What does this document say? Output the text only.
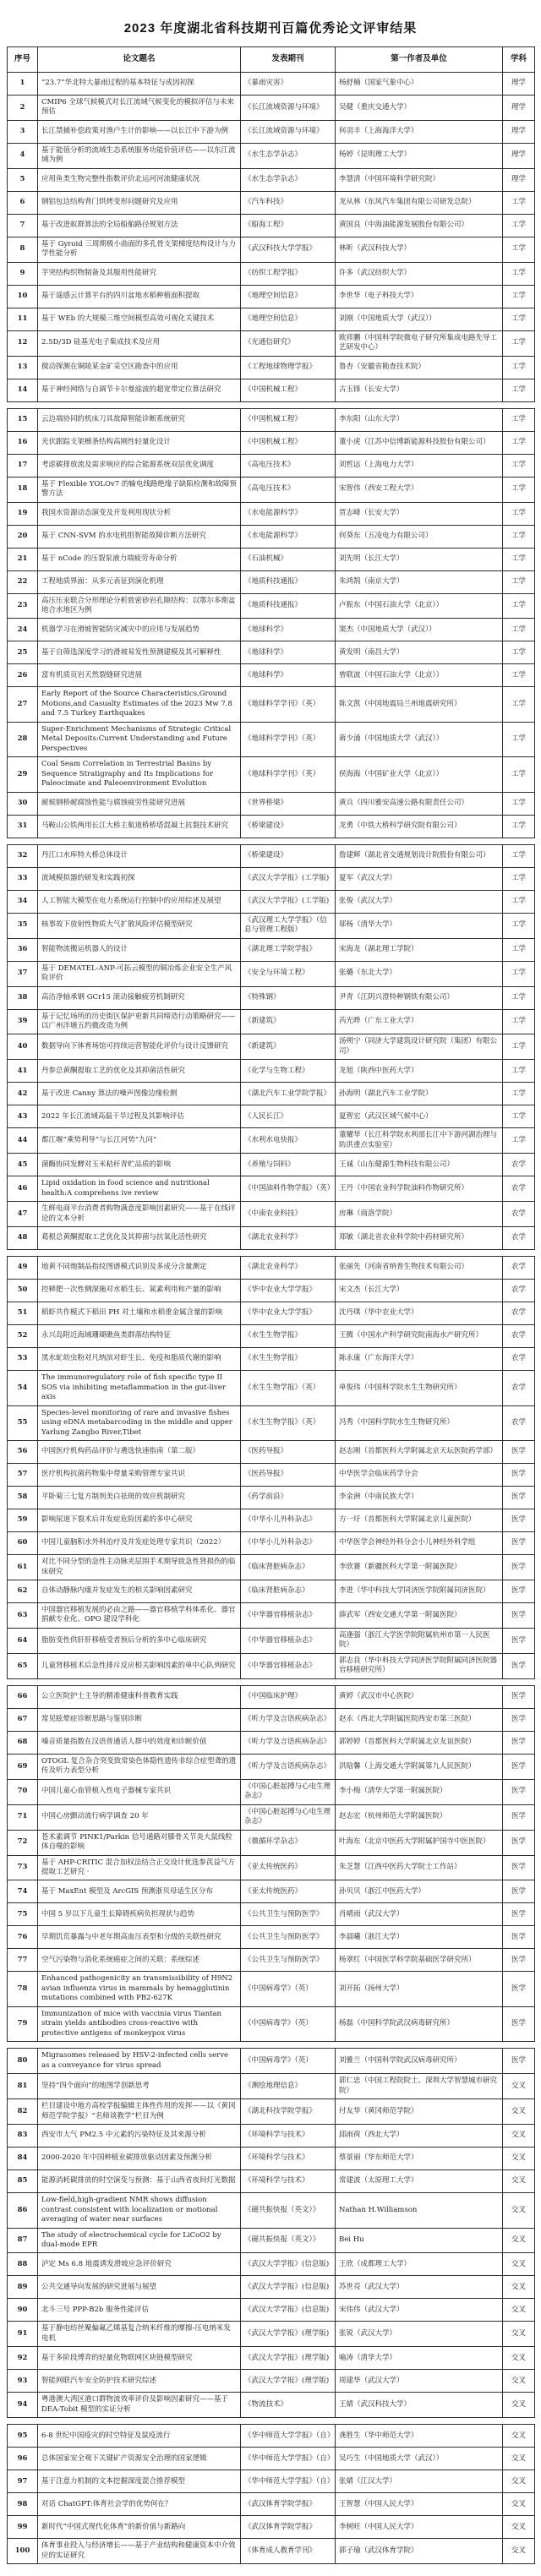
2023 年度湖北省科技期刊百篇优秀论文评审结果
序号	论文题名	发表期刊	第一作者及单位	学科
1	“23.7”华北特大暴雨过程的基本特征与成因初探	《暴雨灾害》	杨舒楠（国家气象中心）	理学
2	CMIP6 全球气候模式对长江流域气候变化的模拟评估与未来预估	《长江流域资源与环境》	吴健（重庆交通大学）	理学
3	长江禁捕补偿政策对渔户生计的影响——以长江中下游为例	《长江流域资源与环境》	何羽丰（上海海洋大学）	理学
4	基于能值分析的流域生态系统服务功能价值评估——以东江流域为例	《水生态学杂志》	杨婷（昆明理工大学）	理学
5	应用鱼类生物完整性指数评价北运河河流健康状况	《水生态学杂志》	李慧清（中国环境科学研究院）	理学
6	钢铝包边结构背门烘烤变形问题研究及应用	《汽车科技》	龙从林（东风汽车集团有限公司研发总院）	工学
7	基于改进蚁群算法的全局船舶路径规划方法	《船海工程》	黄国良（中海油能源发展股份有限公司）	工学
8	基于 Gyroid 三周期极小曲面的多孔骨支架梯度结构设计与力学性能分析	《武汉科技大学学报》	林昕（武汉科技大学）	工学
9	芋突结构织物制备及其服用性能研究	《纺织工程学报》	许多（武汉纺织大学）	工学
10	基于遥感云计算平台的四川盆地水稻种植面积提取	《地理空间信息》	李世华（电子科技大学）	工学
11	基于 WEb 的大规模三维空间模型高效可视化关键技术	《地理空间信息》	刘刚（中国地质大学（武汉））	工学
12	2.5D/3D 硅基光电子集成技术及应用	《光通信研究》	欧祥鹏（中国科学院微电子研究所集成电路先导工艺研发中心）	工学
13	微动探测在铜陵某金矿采空区勘查中的应用	《工程地球物理学报》	鲁杏（安徽省勘查技术院）	工学
14	基于神经网络与自调节卡尔曼滤波的超宽带定位算法研究	《中国机械工程》	古玉锋（长安大学）	工学
15	云边端协同的机床刀具故障智能诊断系统研究	《中国机械工程》	李东阳（山东大学）	工学
16	光伏跟踪支架檩条结构高刚性轻量化设计	《中国机械工程》	董小虎（江苏中信博新能源科技股份有限公司）	工学
17	考虑碳排放流及需求响应的综合能源系统双层优化调度	《高电压技术》	刘哲远（上海电力大学）	工学
18	基于 Flexible YOLOv7 的输电线路绝缘子缺陷检测和故障预警方法	《高电压技术》	宋智伟（西安工程大学）	工学
19	我国水资源动态演变及开发利用现状分析	《水电能源科学》	贾志峰（长安大学）	工学
20	基于 CNN-SVM 的水电机组智能故障诊断方法研究	《水电能源科学》	何葵东（五凌电力有限公司）	工学
21	基于 nCode 的压裂泵液力端疲劳寿命分析	《石油机械》	刘先明（长江大学）	工学
22	工程地质界面：从多元表征到演化机理	《地质科技通报》	朱鸿鹄（南京大学）	工学
23	高压压汞联合分形理论分析致密砂岩孔隙结构：以鄂尔多斯盆地合水地区为例	《地质科技通报》	卢振东（中国石油大学（北京））	工学
24	机器学习在滑坡智能防灾减灾中的应用与发展趋势	《地球科学》	窦杰（中国地质大学（武汉））	工学
25	基于自筛选深度学习的滑坡易发性预测建模及其可解释性	《地球科学》	黄发明（南昌大学）	工学
26	富有机质页岩天然裂缝研究进展	《地球科学》	曾联波（中国石油大学（北京））	工学
27	Early Report of the Source Characteristics,Ground Motions,and Casualty Estimates of the 2023 Mw 7.8 and 7.5 Turkey Earthquakes	《地球科学学刊》（英）	陈文凯（中国地震局兰州地震研究所）	工学
28	Super-Enrichment Mechanisms of Strategic Critical Metal Deposits:Current Understanding and Future Perspectives	《地球科学学刊》（英）	蒋少涌（中国地质大学（武汉））	工学
29	Coal Seam Correlation in Terrestrial Basins by Sequence Stratigraphy and Its Implications for Paleocimate and Paleoenvironment Evolution	《地球科学学刊》（英）	侯海海（中国矿业大学（北京））	工学
30	耐候钢桥耐腐蚀性能与腐蚀疲劳性能研究进展	《世界桥梁》	黄兵（四川雅安高速公路有限责任公司）	工学
31	马鞍山公铁两用长江大桥主航道桥桥塔混凝土抗裂技术研究	《桥梁建设》	龙勇（中铁大桥科学研究院有限公司）	工学
32	丹江口水库特大桥总体设计	《桥梁建设》	詹建辉（湖北省交通规划设计院股份有限公司）	工学
33	流域模拟器的研发和实践初探	《武汉大学学报》(工学版)	夏军（武汉大学）	工学
34	人工智能大模型在电力系统运行控制中的应用综述及展望	《武汉大学学报》(工学版)	张俊（武汉大学）	工学
35	核事故下放射性物质大气扩散风险评估模型研究	《武汉理工大学学报》（信息与管理工程版）	邬杨（清华大学）	工学
36	智能物流搬运机器人的设计	《湖北理工学院学报》	宋海龙（湖北理工学院）	工学
37	基于 DEMATEL-ANP-可拓云模型的铜冶炼企业安全生产风险评价	《安全与环境工程》	张璐（东北大学）	工学
38	高洁净轴承钢 GCr15 滚动接触疲劳机制研究	《特殊钢》	尹青（江阴兴澄特种钢铁有限公司）	工学
39	基于记忆场所的历史街区保护更新共同缔造行动策略研究——以广州泮塘五约微改造为例	《新建筑》	芮光晔（广东工业大学）	工学
40	数据导向下体育场馆可持续运营智能化评价与设计反馈研究	《新建筑》	汤朔宁（同济大学建筑设计研究院（集团）有限公司）	工学
41	丹参总黄酮提取工艺的优化及其抑菌活性研究	《化学与生物工程》	龙旭（陕西中医药大学）	工学
42	基于改进 Canny 算法的噪声图像边缘检测	《湖北汽车工业学院学报》	孙海明（湖北汽车工业学院）	工学
43	2022 年长江流域高温干旱过程及其影响评估	《人民长江》	夏智宏（武汉区域气候中心）	工学
44	都江堰“乘势利导”与长江河势“九问”	《水利水电快报》	董耀华（长江科学院水利部长江中下游河湖治理与防洪重点实验室）	工学
45	菌酶协同发酵对玉米秸秆青贮品质的影响	《养殖与饲料》	王诚（山东健源生物科技有限公司）	农学
46	Lipid oxidation in food science and nutritional health:A comprehens ive review	《中国油料作物学报》（英）	王丹（中国农业科学院油料作物研究所）	农学
47	生鲜电商平台消费者购物满意度影响因素研究——基于在线评论的文本分析	《中南农业科技》	房琳（商洛学院）	农学
48	葛根总黄酮提取工艺优化及其抑菌与抗氧化活性研究	《湖北农业科学》	郑敏（湖北省农业科学院中药材研究所）	农学
49	地黄不同炮制品指纹图谱模式识别及多成分含量测定	《湖北农业科学》	张丽先（河南省纳普生物技术有限公司）	农学
50	控释肥一次性侧深施对水稻生长、氮素利用和产量的影响	《华中农业大学学报》	宋文杰（长江大学）	农学
51	稻虾共作模式下稻田 PH 对土壤和水稻重金属含量的影响	《华中农业大学学报》	沈丹琪（华中农业大学）	农学
52	永兴岛附近海域珊瑚礁鱼类群落结构特征	《水生生物学报》	王腾（中国水产科学研究院南海水产研究所）	农学
53	黑水虻幼虫粉对凡纳滨对虾生长、免疫和脂质代谢的影响	《水生生物学报》	陈永康（广东海洋大学）	农学
54	The immunoregulatory role of fish specific type II SOS via inhibiting metaflammation in the gut-liver axis	《水生生物学报》（英）	单俊玮（中国科学院水生生物研究所）	农学
55	Species-level monitoring of rare and invasive fishes using eDNA metabarcoding in the middle and upper Yarlung Zangbo River,Tibet	《水生生物学报》（英）	冯秀（中国科学院水生生物研究所）	农学
56	中国医疗机构药品评价与遴选快速指南（第二版）	《医药导报》	赵志刚（首都医科大学附属北京天坛医院药学部）	医学
57	医疗机构抗菌药物集中带量采购管理专家共识	《医药导报》	中华医学会临床药学分会	医学
58	平卧菊三七复方制剂美白祛斑的效应机制研究	《药学前沿》	李金洲（中南民族大学）	医学
59	影响尿道下裂术后并发症危险因素的多中心研究	《中华小儿外科杂志》	方一圩（首都医科大学附属北京儿童医院）	医学
60	中国儿童脑积水外科治疗及并发症处理专家共识（2022）	《中华小儿外科杂志》	中华医学会神经外科分会小儿神经外科学组	医学
61	对比不同分型的急性主动脉夹层围手术期导致急性肾损伤的临床研究	《临床肾脏病杂志》	李欣赛（新疆医科大学第一附属医院）	医学
62	自体动静脉内瘘并发症发生的相关影响因素研究	《临床肾脏病杂志》	李进（华中科技大学同济医学院附属同济医院）	医学
63	中国器官移植发展的必由之路——器官移植学科体系化、器官捐献专业化、OPO 建设学科化	《中华器官移植杂志》	薛武军（西安交通大学第一附属医院）	医学
64	脂肪变性供肝肝移植受者预后分析的多中心临床研究	《中华器官移植杂志》	高逢强（浙江大学医学院附属杭州市第一人民医院）	医学
65	儿童肾移植术后急性排斥反应相关影响因素的单中心队列研究	《中华器官移植杂志》	郭志良（华中科技大学同济医学院附属同济医院器官移植研究所）	医学
66	公立医院护士主导的精准健康科普教育实践	《中国临床护理》	黄婷（武汉市中心医院）	医学
67	常见眩晕症诊断思路与鉴别诊断	《听力学及言语疾病杂志》	赵永（西北大学附属医院西安市第三医院）	医学
68	嗓音质量指数在汉语普通话人群中的效度和诊断价值	《听力学及言语疾病杂志》	郭婷婷（首都医科大学附属北京友谊医院）	医学
69	OTOGL 复合杂合突变致常染色体隐性遗传非综合症型聋的遗传及听力表型分析	《听力学及言语疾病杂志》	洪晗馨（上海交通大学附属第九人民医院）	医学
70	中国儿童心血管植入性电子器械专家共识	《中国心脏起搏与心电生理杂志》	李小梅（清华大学第一附属医院）	医学
71	中国心房颤动流行病学调查 20 年	《中国心脏起搏与心电生理杂志》	赵志宏（杭州师范大学附属医院）	医学
72	苍术素调节 PINK1/Parkin 信号通路对膝骨关节炎大鼠线粒体自噬的影响	《微循环学杂志》	叶海东（北京中医药大学附属护国寺中医医院）	医学
73	基于 AHP-CRITIC 混合加权法结合正交设计优选参芪益气方提取工艺研究 ·	《亚太传统医药》	朱芝慧（江西中医药大学院士工作站）	医学
74	基于 MaxEnt 模型及 ArcGIS 预测浙贝母适生区分布	《亚太传统医药》	孙贝贝（浙江中医药大学）	医学
75	中国 5 岁以下儿童生长障碍疾病负担现状与趋势	《公共卫生与预防医学》	肖晴雨（武汉大学）	医学
76	早期饥荒暴露与中老年期高血压表型和分级的关联性研究	《公共卫生与预防医学》	李晨曦（浙江大学）	医学
77	空气污染物与消化系统癌症之间的关联：系统综述	《公共卫生与预防医学》	杨翠红（中国医学科学院基础医学研究所）	医学
78	Enhanced pathogenicity an transmissibility of H9N2 avian influenza virus in mammals by hemagglutinin mutations combined with PB2-627K	《中国病毒学》（英）	刘开拓（扬州大学）	医学
79	Immunization of mice with vaccinia virus Tiantan strain yields antibodies cross-reactive with protective antigens of monkeypox virus	《中国病毒学》（英）	杨磊（中国科学院武汉病毒研究所）	医学
80	Migrasomes released by HSV-2-infected cells serve as a conveyance for virus spread	《中国病毒学》（英）	刘雅兰（中国科学院武汉病毒研究所）	医学
81	坚持“四个面向”的地图学创新思考	《测绘地理信息》	郭仁忠（中国工程院院士、深圳大学智慧城市研究院）	交叉
82	栏目建设中地方高校学报编辑主体性作用的发挥——以《黄冈师范学院学报》“名师谈教学”栏目为例	《湖北科技学院学报》	付友华（黄冈师范学院）	交叉
83	西安市大气 PM2.5 中元素的污染特征及其来源分析	《环境科学与技术》	邱雨荷（西北大学）	交叉
84	2000-2020 年中国种植业碳排放驱动因素及预测分析	《环境科学与技术》	蔡景丽（华东师范大学）	交叉
85	能源消耗碳排放的时空演变与预测：基于山西省夜间灯光数据	《环境科学与技术》	常建波（太原理工大学）	交叉
86	Low-field,high-gradient NMR shows diffusion contrast consistent with localization or motional averaging of water near surfaces	《磁共振快报（英文）》	Nathan H.Williamson	交叉
87	The study of electrochemical cycle for LiCoO2 by dual-mode EPR	《磁共振快报（英文）》	Bei Hu	交叉
88	泸定 Ms 6.8 地震诱发滑坡应急评价研究	《武汉大学学报》(信息版)	王欣（成都理工大学）	交叉
89	公共交通导向发展的研究进展与展望	《武汉大学学报》(信息版)	苏世亮（武汉大学）	交叉
90	北斗三号 PPP-B2b 服务性能评估	《武汉大学学报》(信息版)	宋伟伟（武汉大学）	交叉
91	基于静电纺丝聚偏氟乙烯基复合纳米纤维的摩擦-压电纳米发电机	《武汉大学学报》(理学版)	张锐（武汉大学）	交叉
92	基于多阶段博弈的轻量化物联网区块链模型研究	《武汉大学学报》(理学版)	喻涛（清华大学）	交叉
93	智能网联汽车安全防护技术研究综述	《武汉大学学报》(理学版)	周建华（武汉大学）	交叉
94	粤港澳大湾区港口群物流效率评价及影响因素研究——基于 DEA-Tobit 模型的实证分析	《物流技术》	王婧（武汉科技大学）	交叉
95	6-8 世纪中国疫灾的时空特征及鼠疫流行	《华中师范大学学报》（自）	龚胜生（华中师范大学）	交叉
96	总体国家安全观下关键矿产资源安全治理的国家逻辑	《华中师范大学学报》（自）	吴巧生（中国地质大学（武汉））	交叉
97	基于注意力机制的文本挖掘深度混合推荐模型	《华中师范大学学报》（自）	张婧（江汉大学）	交叉
98	对话 ChatGPT:体育社会学的优势何在？	《武汉体育学院学报》	王智慧（中国人民大学）	交叉
99	新时代“中国式现代化体育”的新价值与新路向	《武汉体育学院学报》	李树旺（中国人民大学）	交叉
100	体育事业投入与经济增长——基于产业结构和健康资本中介效应的实证研究	《体育成人教育学刊》	郭子瑜（武汉体育学院）	交叉
